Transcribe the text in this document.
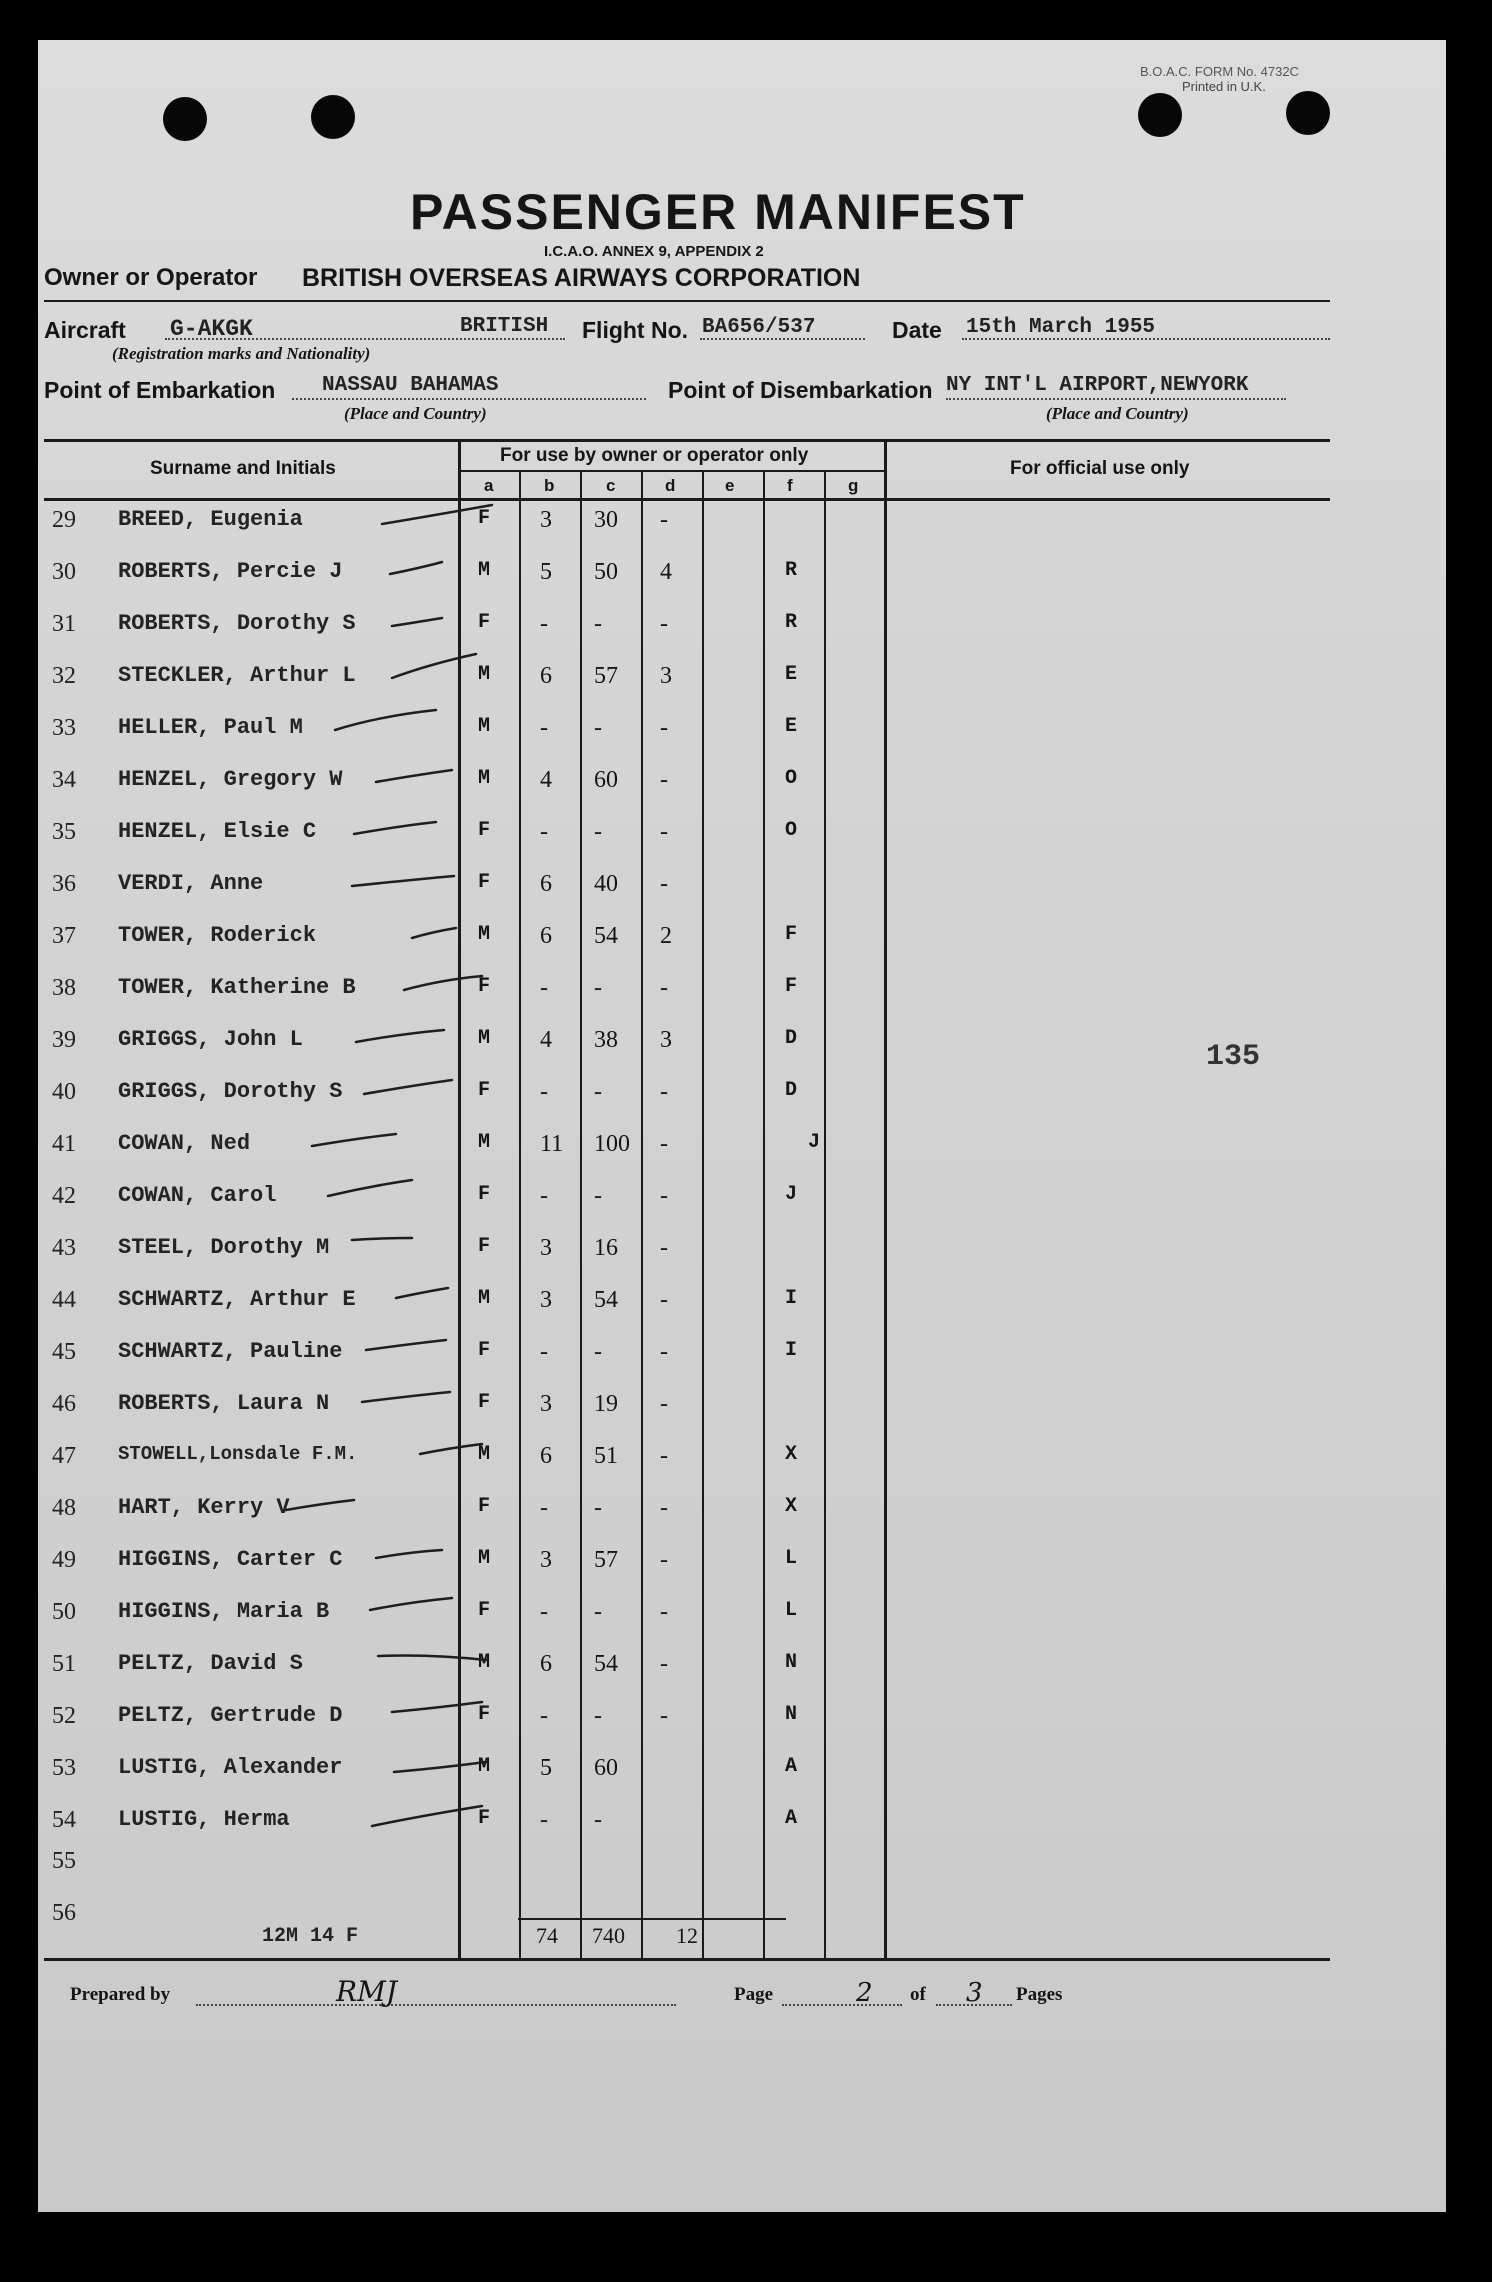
B.O.A.C. FORM No. 4732C
Printed in U.K.
PASSENGER MANIFEST
I.C.A.O. ANNEX 9, APPENDIX 2
Owner or Operator BRITISH OVERSEAS AIRWAYS CORPORATION
Aircraft G-AKGK	BRITISH
(Registration marks and Nationality)
Flight No. BA656/537	Date 15th March 1955
Point of Embarkation NASSAU BAHAMAS
(Place and Country)
Point of Disembarkation NY INT'L AIRPORT,NEWYORK
(Place and Country)
Surname and Initials
For use by owner or operator only
For official use only
a	b	c	d	e	f	g
29 BREED, Eugenia	F 3 30 -
30 ROBERTS, Percie J	M 5 50 4	R
31 ROBERTS, Dorothy S	F - - -	R
32 STECKLER, Arthur L	M 6 57 3	E
33 HELLER, Paul M	M - - -	E
34 HENZEL, Gregory W	M 4 60 -	O
35 HENZEL, Elsie C	F - - -	O
36 VERDI, Anne	F 6 40 -
37 TOWER, Roderick	M 6 54 2	F
38 TOWER, Katherine B	F - - -	F
39 GRIGGS, John L	M 4 38 3	D
40 GRIGGS, Dorothy S	F - - -	D
41 COWAN, Ned	M 11 100 -	J
42 COWAN, Carol	F - - -	J
43 STEEL, Dorothy M	F 3 16 -
44 SCHWARTZ, Arthur E	M 3 54 -	I
45 SCHWARTZ, Pauline	F - - -	I
46 ROBERTS, Laura N	F 3 19 -
47 STOWELL,Lonsdale F.M.	M 6 51 -	X
48 HART, Kerry V	F - - -	X
49 HIGGINS, Carter C	M 3 57 -	L
50 HIGGINS, Maria B	F - - -	L
51 PELTZ, David S	M 6 54 -	N
52 PELTZ, Gertrude D	F - - -	N
53 LUSTIG, Alexander	M 5 60	A
54 LUSTIG, Herma	F - -	A
55
56
12M 14 F	74 740 12
135
Prepared by	RMJ	Page	2 of 3 Pages
